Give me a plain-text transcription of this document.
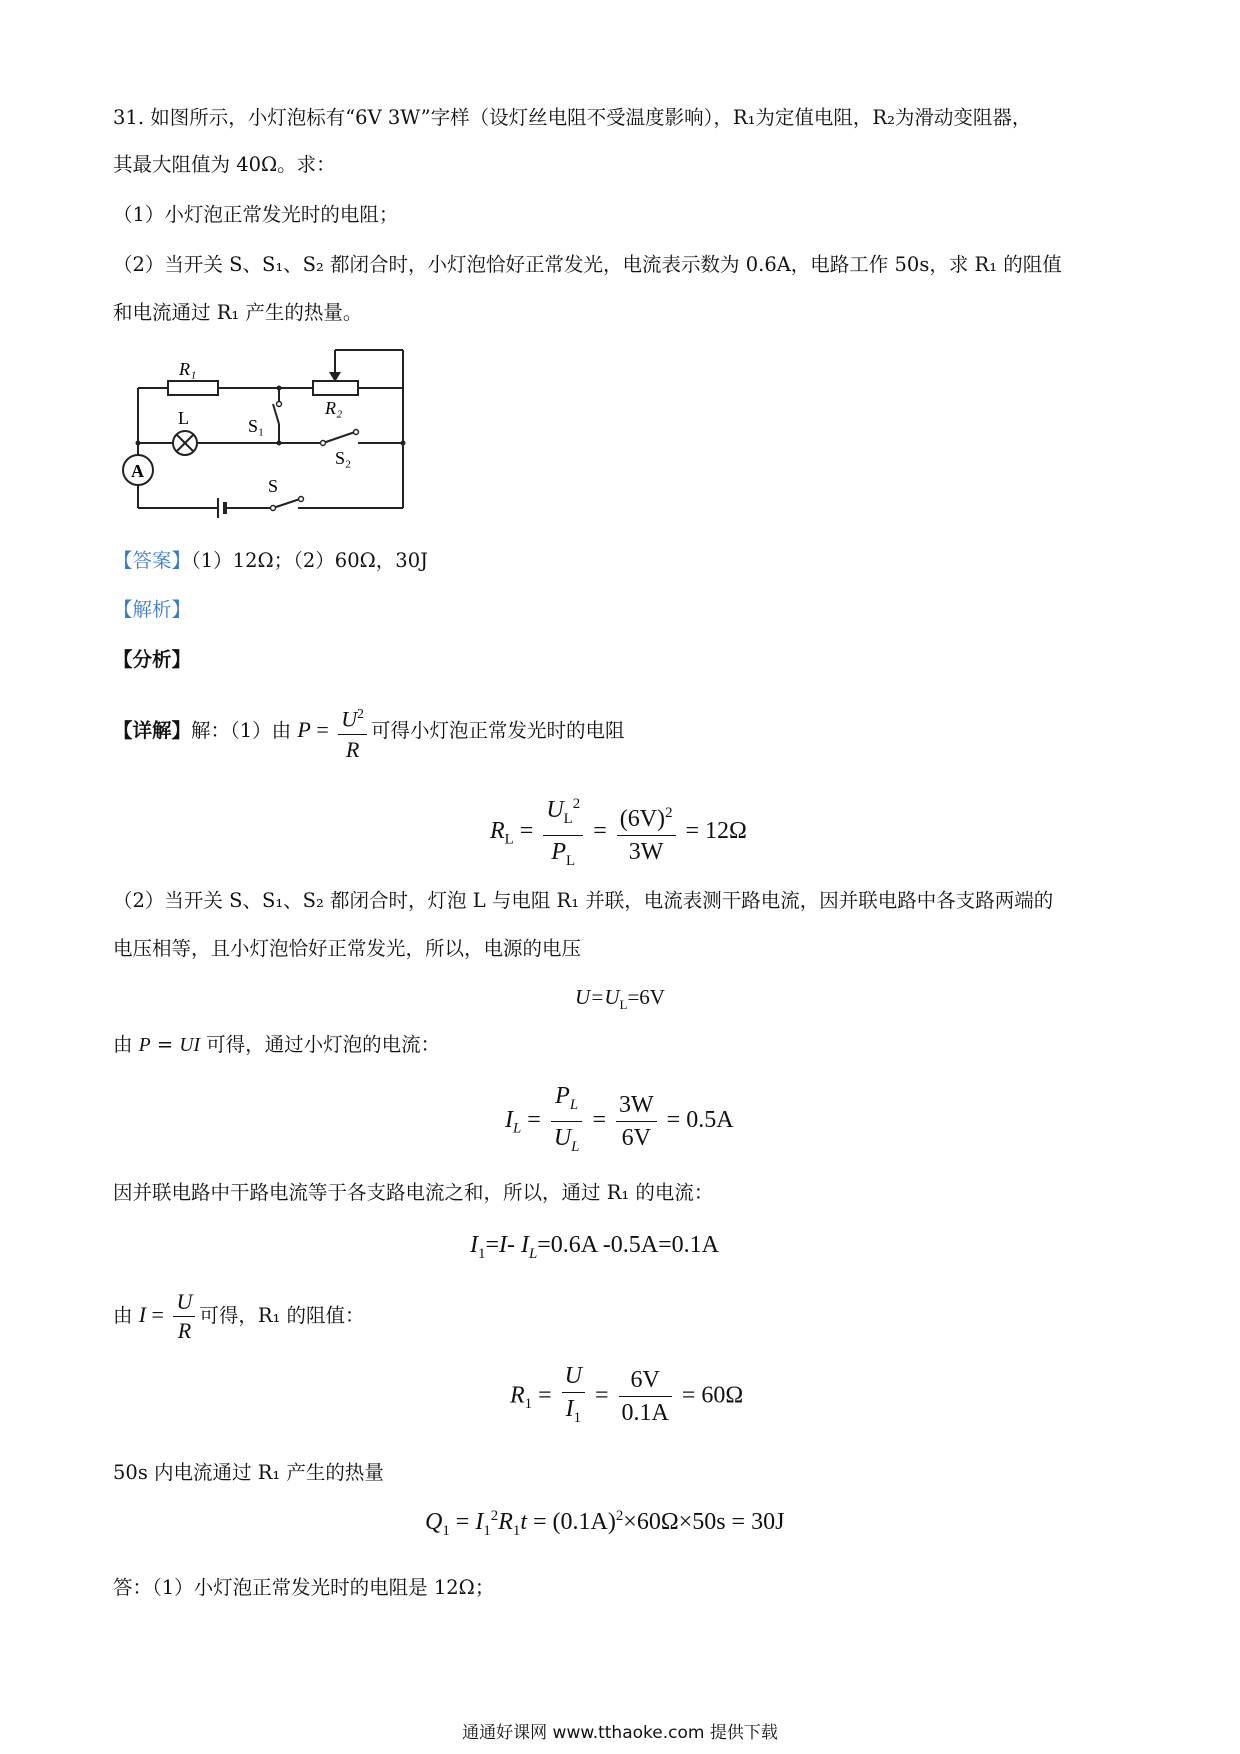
31. 如图所示，小灯泡标有“6V 3W”字样（设灯丝电阻不受温度影响），R₁为定值电阻，R₂为滑动变阻器，
其最大阻值为 40Ω。求：
（1）小灯泡正常发光时的电阻；
（2）当开关 S、S₁、S₂ 都闭合时，小灯泡恰好正常发光，电流表示数为 0.6A，电路工作 50s，求 R₁ 的阻值
和电流通过 R₁ 产生的热量。
R₁
R₂
L	S₁
S₂
S
A
【答案】（1）12Ω；（2）60Ω，30J
【解析】
【分析】
【详解】解：（1）由 $P = \frac{U^2}{R}$ 可得小灯泡正常发光时的电阻
$R_L = \frac{U_L^2}{P_L} = \frac{(6V)^2}{3W} = 12\Omega$
（2）当开关 S、S₁、S₂ 都闭合时，灯泡 L 与电阻 R₁ 并联，电流表测干路电流，因并联电路中各支路两端的
电压相等，且小灯泡恰好正常发光，所以，电源的电压
$U=U_L=6V$
由 P = UI 可得，通过小灯泡的电流：
$I_L = \frac{P_L}{U_L} = \frac{3W}{6V} = 0.5A$
因并联电路中干路电流等于各支路电流之和，所以，通过 R₁ 的电流：
$I_1=I-$ $I_L=0.6A$ -0.5A=0.1A
由 $I = \frac{U}{R}$ 可得，R₁ 的阻值：
$R_1 = \frac{U}{I_1} = \frac{6V}{0.1A} = 60\Omega$
50s 内电流通过 R₁ 产生的热量
$Q_1 = I_1^2R_1t = (0.1A)^2\times 60\Omega\times 50s = 30J$
答：（1）小灯泡正常发光时的电阻是 12Ω；
通通好课网 www.tthaoke.com 提供下载
